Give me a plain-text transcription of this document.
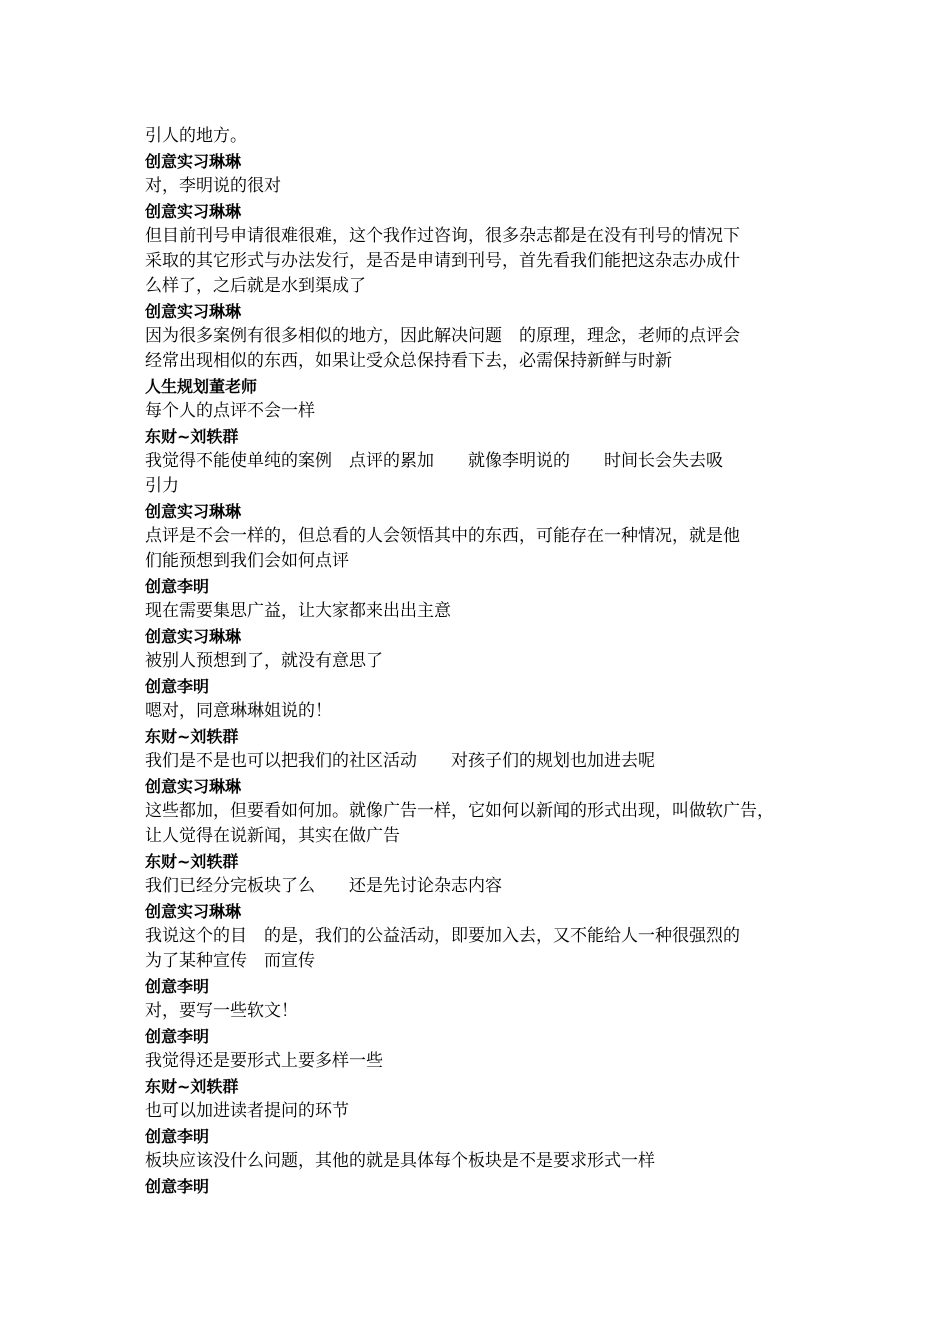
引人的地方。
创意实习琳琳
对，李明说的很对
创意实习琳琳
但目前刊号申请很难很难，这个我作过咨询，很多杂志都是在没有刊号的情况下
采取的其它形式与办法发行，是否是申请到刊号，首先看我们能把这杂志办成什
么样了，之后就是水到渠成了
创意实习琳琳
因为很多案例有很多相似的地方，因此解决问题　的原理，理念，老师的点评会
经常出现相似的东西，如果让受众总保持看下去，必需保持新鲜与时新
人生规划董老师
每个人的点评不会一样
东财~刘轶群
我觉得不能使单纯的案例　点评的累加　　就像李明说的　　时间长会失去吸
引力
创意实习琳琳
点评是不会一样的，但总看的人会领悟其中的东西，可能存在一种情况，就是他
们能预想到我们会如何点评
创意李明
现在需要集思广益，让大家都来出出主意
创意实习琳琳
被别人预想到了，就没有意思了
创意李明
嗯对，同意琳琳姐说的！
东财~刘轶群
我们是不是也可以把我们的社区活动　　对孩子们的规划也加进去呢
创意实习琳琳
这些都加，但要看如何加。就像广告一样，它如何以新闻的形式出现，叫做软广告，
让人觉得在说新闻，其实在做广告
东财~刘轶群
我们已经分完板块了么　　还是先讨论杂志内容
创意实习琳琳
我说这个的目　的是，我们的公益活动，即要加入去，又不能给人一种很强烈的
为了某种宣传　而宣传
创意李明
对，要写一些软文！
创意李明
我觉得还是要形式上要多样一些
东财~刘轶群
也可以加进读者提问的环节
创意李明
板块应该没什么问题，其他的就是具体每个板块是不是要求形式一样
创意李明
